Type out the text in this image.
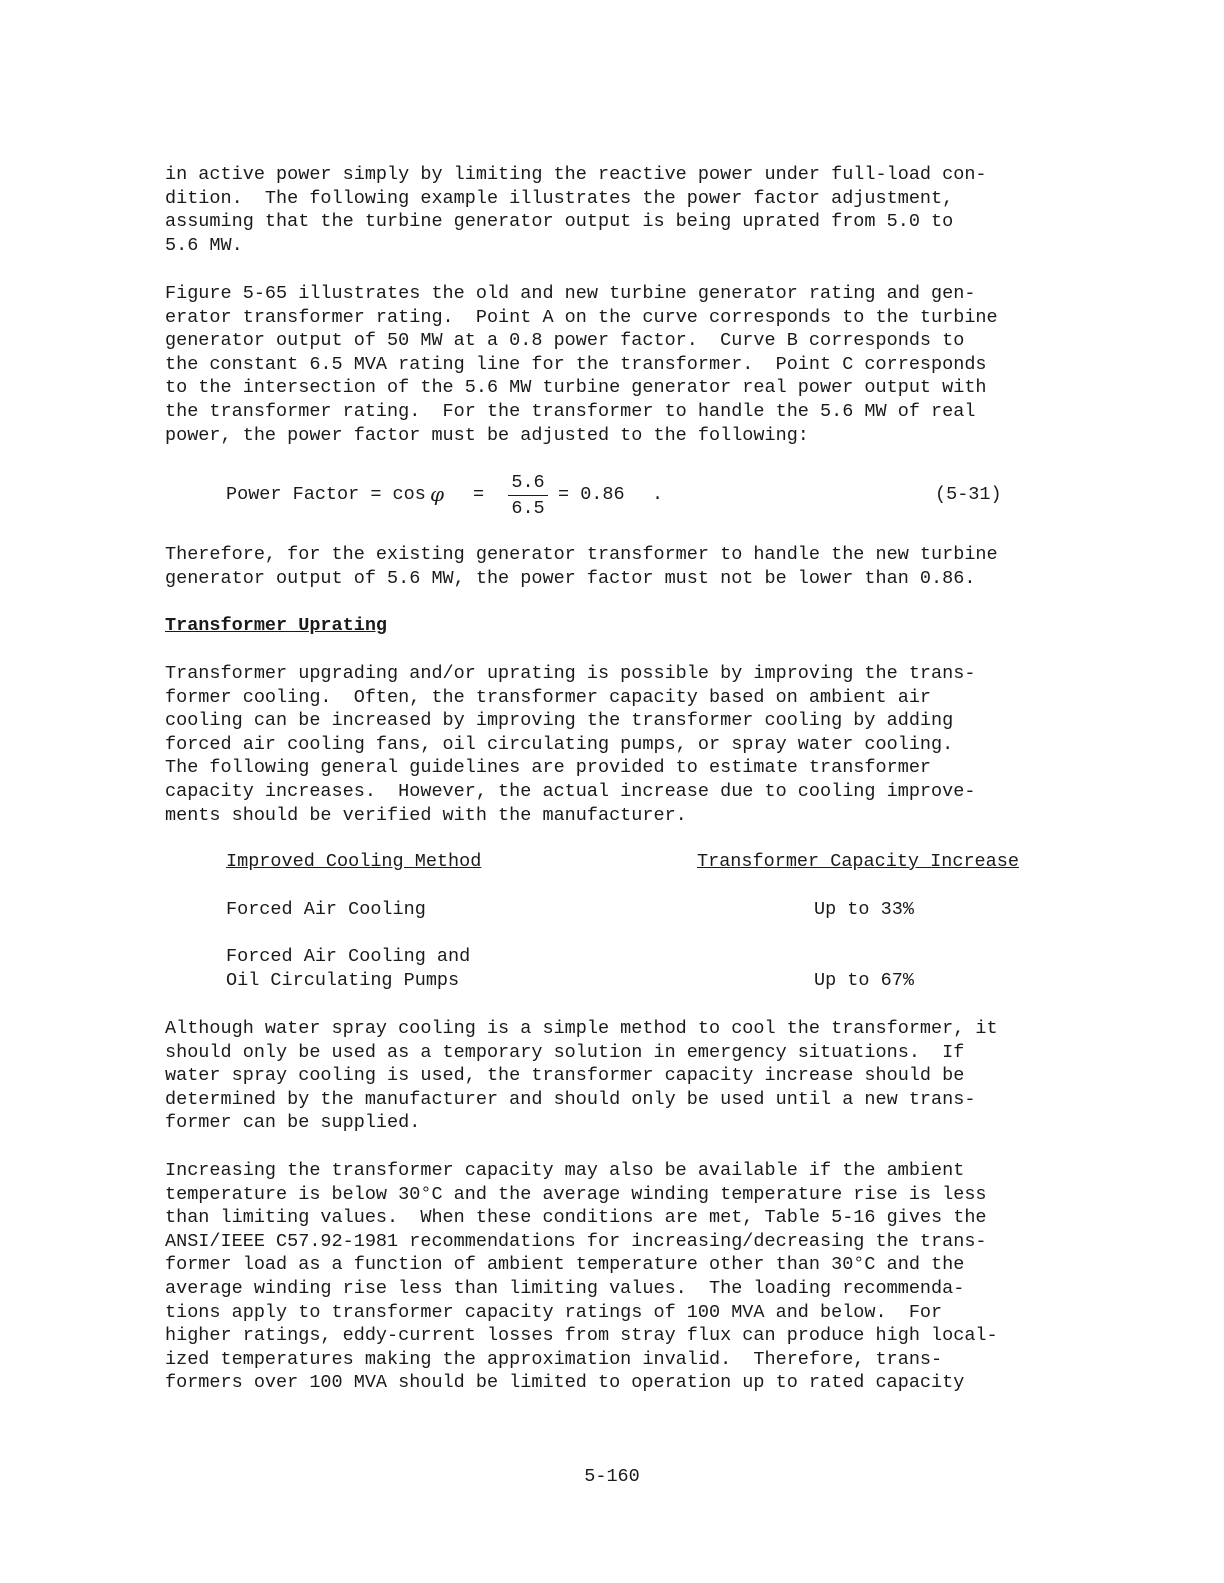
in active power simply by limiting the reactive power under full-load con-
dition.  The following example illustrates the power factor adjustment,
assuming that the turbine generator output is being uprated from 5.0 to
5.6 MW.

Figure 5-65 illustrates the old and new turbine generator rating and gen-
erator transformer rating.  Point A on the curve corresponds to the turbine
generator output of 50 MW at a 0.8 power factor.  Curve B corresponds to
the constant 6.5 MVA rating line for the transformer.  Point C corresponds
to the intersection of the 5.6 MW turbine generator real power output with
the transformer rating.  For the transformer to handle the 5.6 MW of real
power, the power factor must be adjusted to the following:

Power Factor = cos φ =
5.6
6.5
= 0.86 .	(5-31)

Therefore, for the existing generator transformer to handle the new turbine
generator output of 5.6 MW, the power factor must not be lower than 0.86.

Transformer Uprating

Transformer upgrading and/or uprating is possible by improving the trans-
former cooling.  Often, the transformer capacity based on ambient air
cooling can be increased by improving the transformer cooling by adding
forced air cooling fans, oil circulating pumps, or spray water cooling.
The following general guidelines are provided to estimate transformer
capacity increases.  However, the actual increase due to cooling improve-
ments should be verified with the manufacturer.

Improved Cooling Method	Transformer Capacity Increase
Forced Air Cooling	Up to 33%
Forced Air Cooling and
Oil Circulating Pumps	Up to 67%

Although water spray cooling is a simple method to cool the transformer, it
should only be used as a temporary solution in emergency situations.  If
water spray cooling is used, the transformer capacity increase should be
determined by the manufacturer and should only be used until a new trans-
former can be supplied.

Increasing the transformer capacity may also be available if the ambient
temperature is below 30°C and the average winding temperature rise is less
than limiting values.  When these conditions are met, Table 5-16 gives the
ANSI/IEEE C57.92-1981 recommendations for increasing/decreasing the trans-
former load as a function of ambient temperature other than 30°C and the
average winding rise less than limiting values.  The loading recommenda-
tions apply to transformer capacity ratings of 100 MVA and below.  For
higher ratings, eddy-current losses from stray flux can produce high local-
ized temperatures making the approximation invalid.  Therefore, trans-
formers over 100 MVA should be limited to operation up to rated capacity

5-160
